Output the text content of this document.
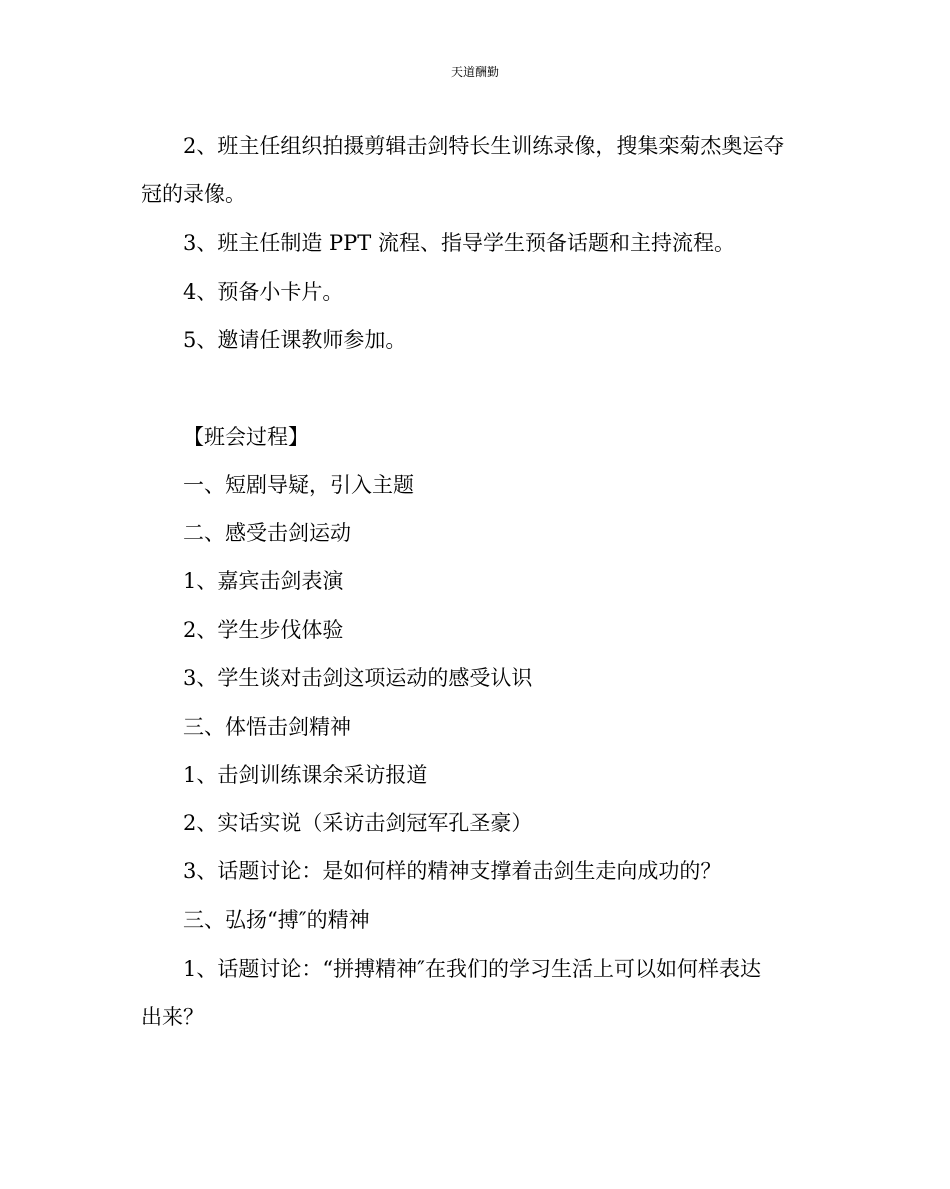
天道酬勤
2、班主任组织拍摄剪辑击剑特长生训练录像，搜集栾菊杰奥运夺
冠的录像。
3、班主任制造 PPT 流程、指导学生预备话题和主持流程。
4、预备小卡片。
5、邀请任课教师参加。
【班会过程】
一、短剧导疑，引入主题
二、感受击剑运动
1、嘉宾击剑表演
2、学生步伐体验
3、学生谈对击剑这项运动的感受认识
三、体悟击剑精神
1、击剑训练课余采访报道
2、实话实说（采访击剑冠军孔圣豪）
3、话题讨论：是如何样的精神支撑着击剑生走向成功的？
三、弘扬“搏″的精神
1、话题讨论：“拼搏精神″在我们的学习生活上可以如何样表达
出来？
